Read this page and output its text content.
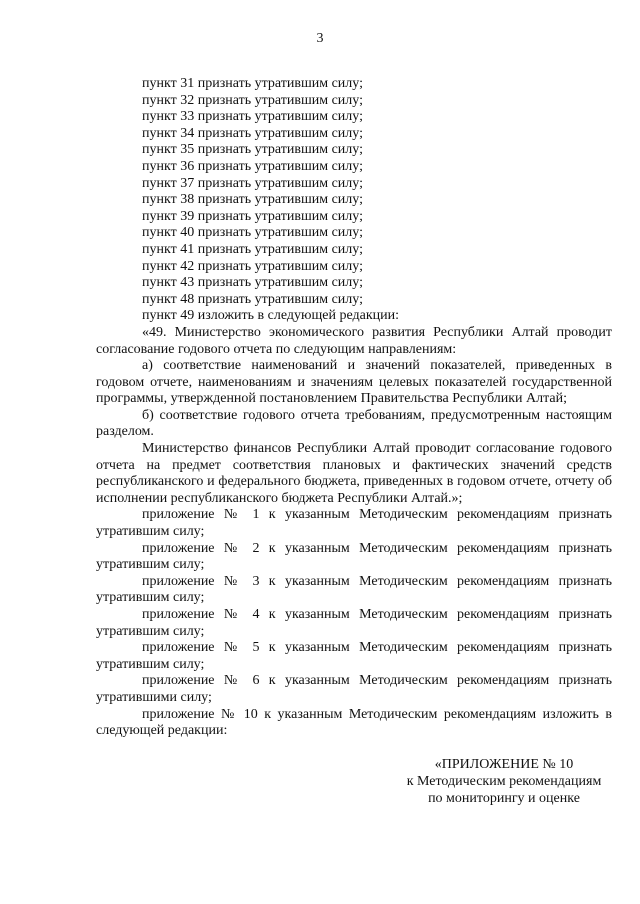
3
пункт 31 признать утратившим силу;
пункт 32 признать утратившим силу;
пункт 33 признать утратившим силу;
пункт 34 признать утратившим силу;
пункт 35 признать утратившим силу;
пункт 36 признать утратившим силу;
пункт 37 признать утратившим силу;
пункт 38 признать утратившим силу;
пункт 39 признать утратившим силу;
пункт 40 признать утратившим силу;
пункт 41 признать утратившим силу;
пункт 42 признать утратившим силу;
пункт 43 признать утратившим силу;
пункт 48 признать утратившим силу;
пункт 49 изложить в следующей редакции:

«49. Министерство экономического развития Республики Алтай проводит согласование годового отчета по следующим направлениям:

а) соответствие наименований и значений показателей, приведенных в годовом отчете, наименованиям и значениям целевых показателей государственной программы, утвержденной постановлением Правительства Республики Алтай;

б) соответствие годового отчета требованиям, предусмотренным настоящим разделом.

Министерство финансов Республики Алтай проводит согласование годового отчета на предмет соответствия плановых и фактических значений средств республиканского и федерального бюджета, приведенных в годовом отчете, отчету об исполнении республиканского бюджета Республики Алтай.»;

приложение № 1 к указанным Методическим рекомендациям признать утратившим силу;

приложение № 2 к указанным Методическим рекомендациям признать утратившим силу;

приложение № 3 к указанным Методическим рекомендациям признать утратившим силу;

приложение № 4 к указанным Методическим рекомендациям признать утратившим силу;

приложение № 5 к указанным Методическим рекомендациям признать утратившим силу;

приложение № 6 к указанным Методическим рекомендациям признать утратившими силу;

приложение № 10 к указанным Методическим рекомендациям изложить в следующей редакции:

«ПРИЛОЖЕНИЕ № 10
к Методическим рекомендациям
по мониторингу и оценке
